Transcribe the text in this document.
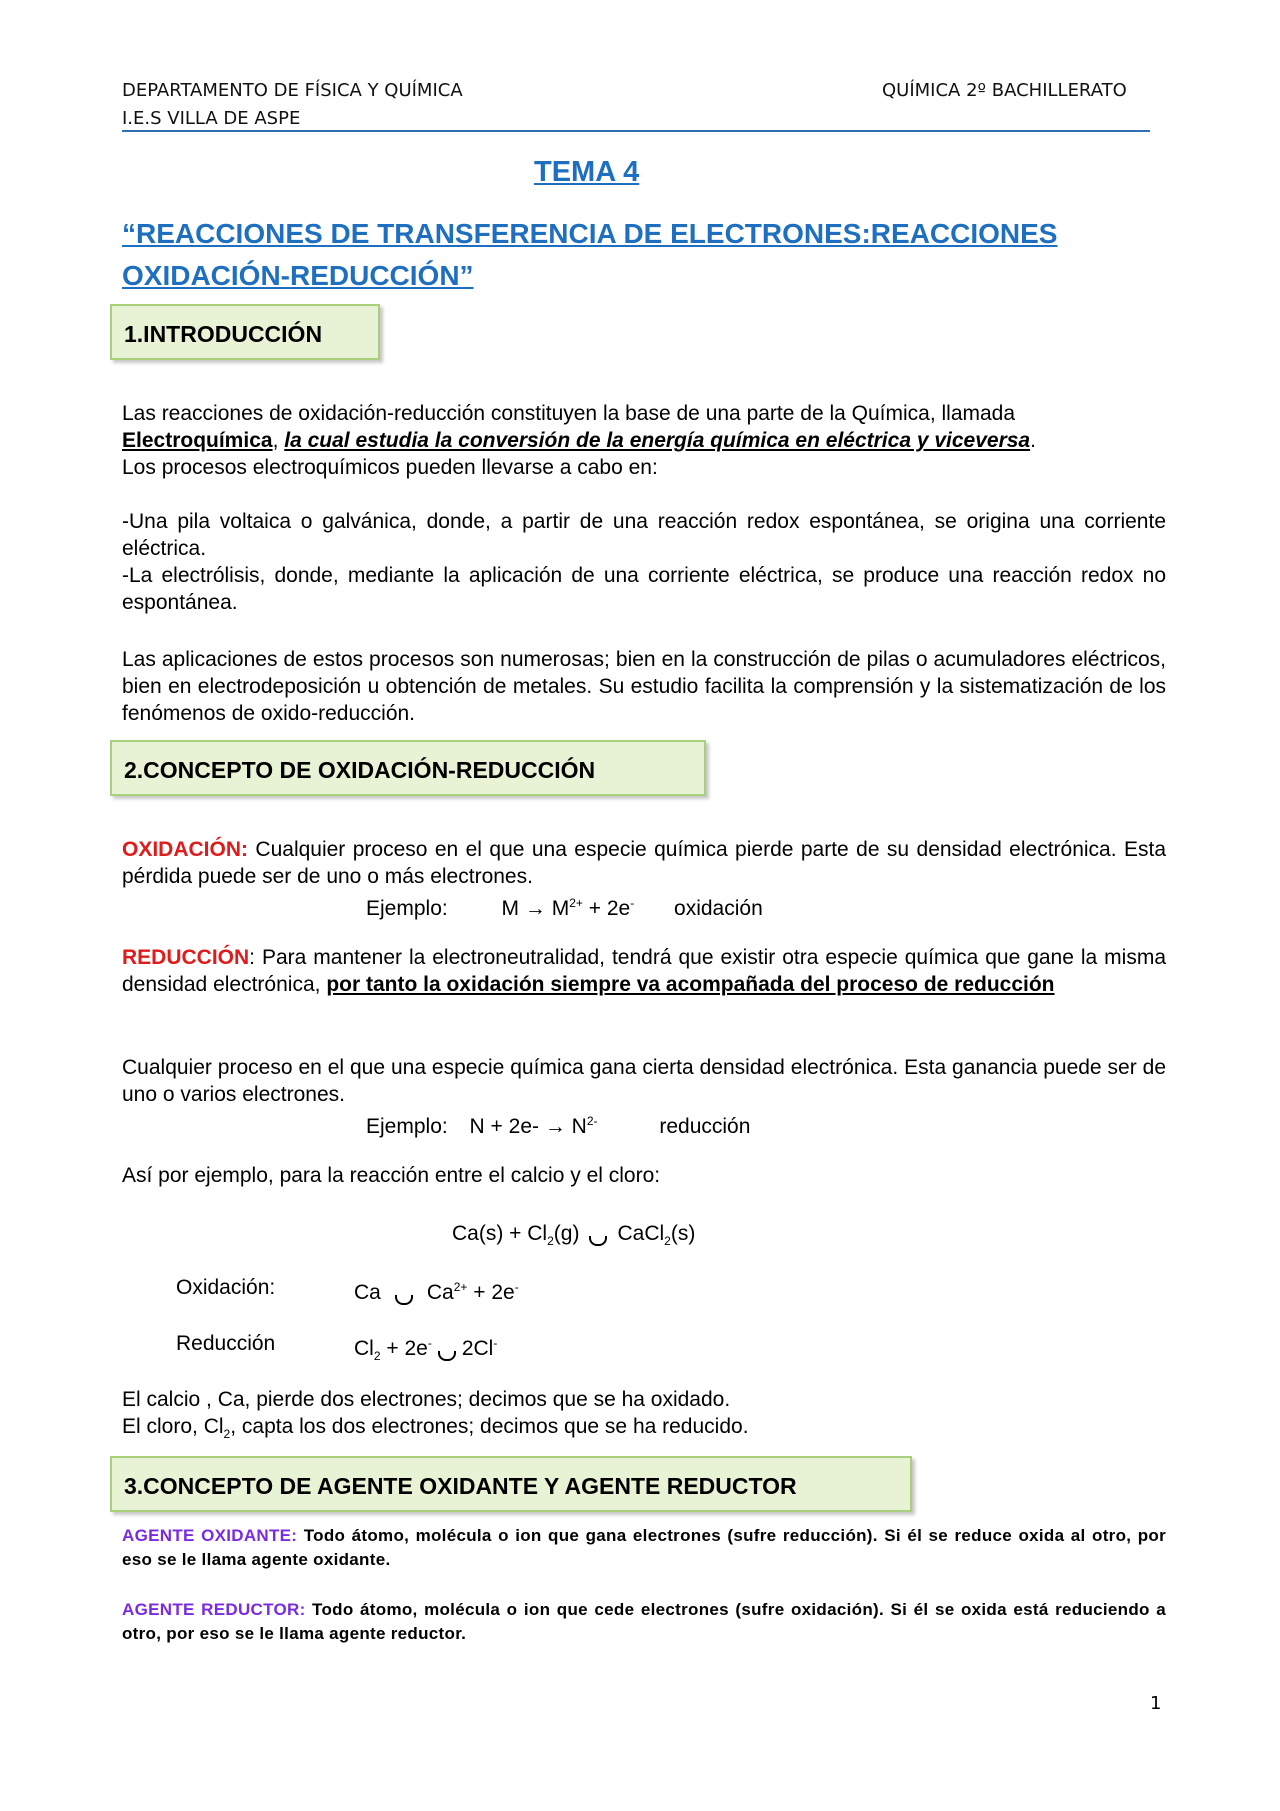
DEPARTAMENTO DE FÍSICA Y QUÍMICA
I.E.S VILLA DE ASPE
QUÍMICA 2º BACHILLERATO
TEMA 4
“REACCIONES DE TRANSFERENCIA DE ELECTRONES:REACCIONES
OXIDACIÓN-REDUCCIÓN”
1.INTRODUCCIÓN
Las reacciones de oxidación-reducción constituyen la base de una parte de la Química, llamada
Electroquímica, la cual estudia la conversión de la energía química en eléctrica y viceversa.
Los procesos electroquímicos pueden llevarse a cabo en:
-Una pila voltaica o galvánica, donde, a partir de una reacción redox espontánea, se origina una corriente eléctrica.
-La electrólisis, donde, mediante la aplicación de una corriente eléctrica, se produce una reacción redox no espontánea.
Las aplicaciones de estos procesos son numerosas; bien en la construcción de pilas o acumuladores eléctricos, bien en electrodeposición u obtención de metales. Su estudio facilita la comprensión y la sistematización de los fenómenos de oxido-reducción.
2.CONCEPTO DE OXIDACIÓN-REDUCCIÓN
OXIDACIÓN: Cualquier proceso en el que una especie química pierde parte de su densidad electrónica. Esta pérdida puede ser de uno o más electrones.
Ejemplo:	$M \to M^{2+} + 2e^-$ oxidación
REDUCCIÓN: Para mantener la electroneutralidad, tendrá que existir otra especie química que gane la misma densidad electrónica, por tanto la oxidación siempre va acompañada del proceso de reducción
Cualquier proceso en el que una especie química gana cierta densidad electrónica. Esta ganancia puede ser de uno o varios electrones.
Ejemplo: $N + 2e- \to N^{2-}$	reducción
Así por ejemplo, para la reacción entre el calcio y el cloro:
$Ca(s) + Cl_2(g)$ CaCl$_2$(s)
Oxidación:	Ca $Ca^{2+} + 2e^-$
Reducción	$Cl_2 + 2e^-$ 2Cl-
El calcio , Ca, pierde dos electrones; decimos que se ha oxidado.
El cloro, $Cl_2$, capta los dos electrones; decimos que se ha reducido.
3.CONCEPTO DE AGENTE OXIDANTE Y AGENTE REDUCTOR
AGENTE OXIDANTE: Todo átomo, molécula o ion que gana electrones (sufre reducción). Si él se reduce oxida al otro, por eso se le llama agente oxidante.
AGENTE REDUCTOR: Todo átomo, molécula o ion que cede electrones (sufre oxidación). Si él se oxida está reduciendo a otro, por eso se le llama agente reductor.
1
